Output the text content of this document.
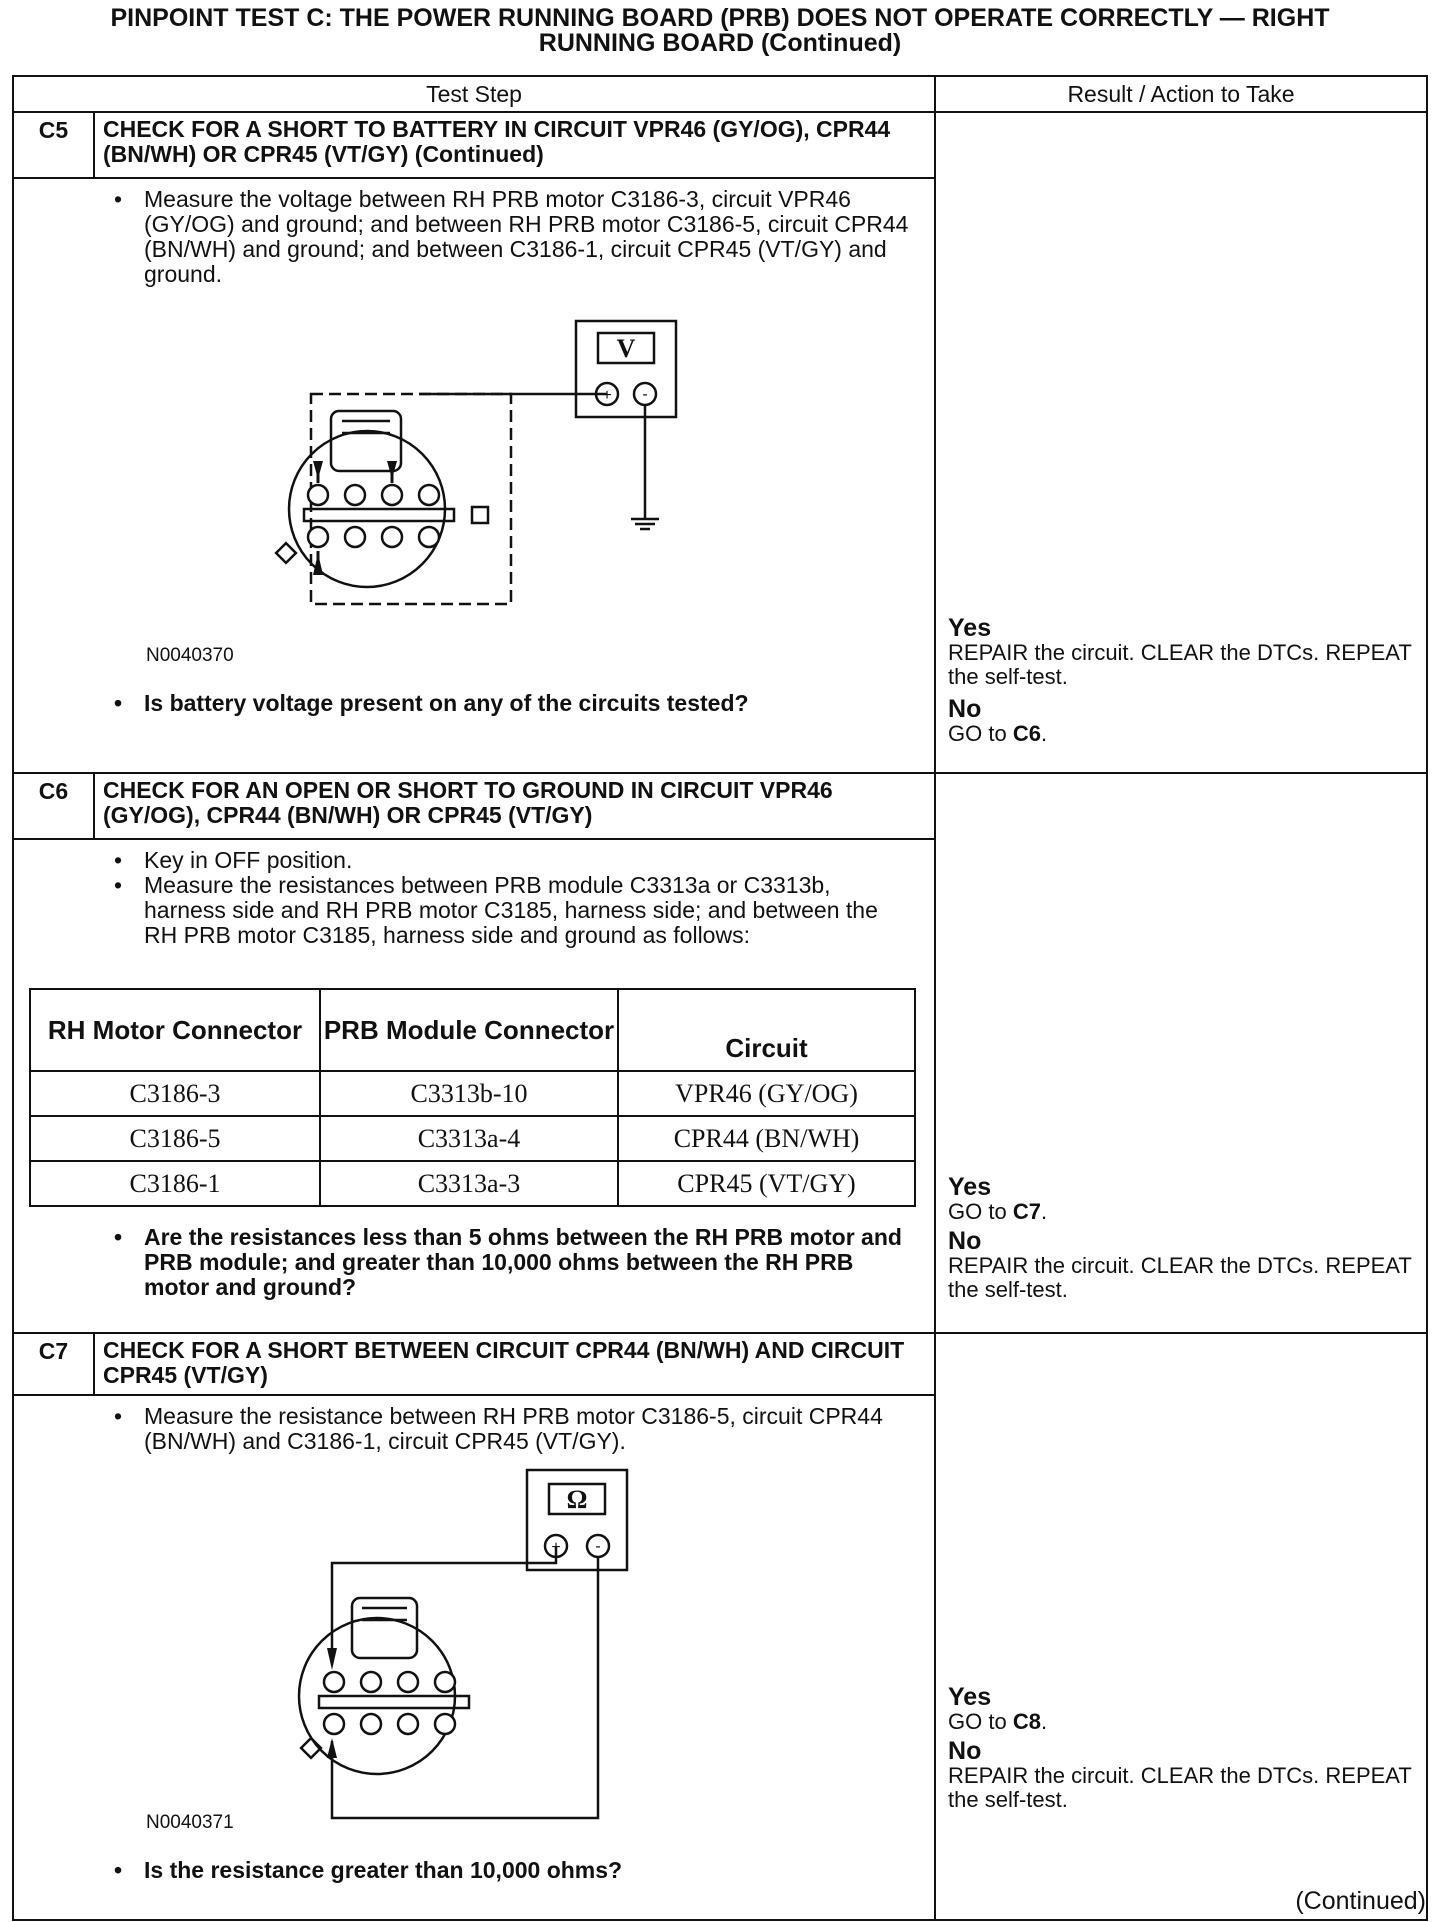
PINPOINT TEST C: THE POWER RUNNING BOARD (PRB) DOES NOT OPERATE CORRECTLY — RIGHT
RUNNING BOARD (Continued)
Test Step	Result / Action to Take
C5	CHECK FOR A SHORT TO BATTERY IN CIRCUIT VPR46 (GY/OG), CPR44 (BN/WH) OR CPR45 (VT/GY) (Continued)	
Yes
REPAIR the circuit. CLEAR the DTCs. REPEAT the self-test.
No
GO to C6.

• Measure the voltage between RH PRB motor C3186-3, circuit VPR46 (GY/OG) and ground; and between RH PRB motor C3186-5, circuit CPR44 (BN/WH) and ground; and between C3186-1, circuit CPR45 (VT/GY) and ground.
V
+ -
N0040370
• Is battery voltage present on any of the circuits tested?

C6	CHECK FOR AN OPEN OR SHORT TO GROUND IN CIRCUIT VPR46 (GY/OG), CPR44 (BN/WH) OR CPR45 (VT/GY)	
Yes
GO to C7.
No
REPAIR the circuit. CLEAR the DTCs. REPEAT the self-test.

• Key in OFF position.
• Measure the resistances between PRB module C3313a or C3313b, harness side and RH PRB motor C3185, harness side; and between the RH PRB motor C3185, harness side and ground as follows:
RH Motor Connector	PRB Module Connector	Circuit
C3186-3	C3313b-10	VPR46 (GY/OG)
C3186-5	C3313a-4	CPR44 (BN/WH)
C3186-1	C3313a-3	CPR45 (VT/GY)
• Are the resistances less than 5 ohms between the RH PRB motor and PRB module; and greater than 10,000 ohms between the RH PRB motor and ground?

C7	CHECK FOR A SHORT BETWEEN CIRCUIT CPR44 (BN/WH) AND CIRCUIT CPR45 (VT/GY)	
Yes
GO to C8.
No
REPAIR the circuit. CLEAR the DTCs. REPEAT the self-test.

• Measure the resistance between RH PRB motor C3186-5, circuit CPR44 (BN/WH) and C3186-1, circuit CPR45 (VT/GY).
Ω
+ -
N0040371
• Is the resistance greater than 10,000 ohms?
(Continued)
